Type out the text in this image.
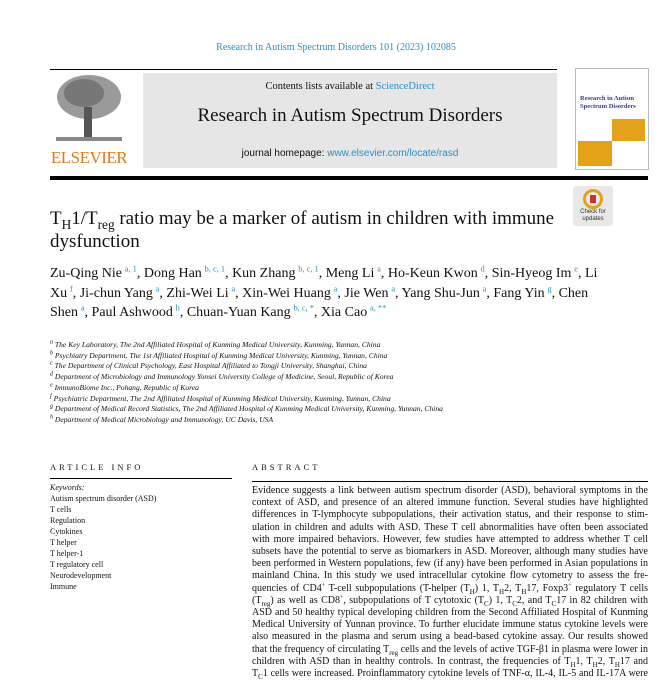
Research in Autism Spectrum Disorders 101 (2023) 102085
ELSEVIER
Contents lists available at ScienceDirect
Research in Autism Spectrum Disorders
journal homepage: www.elsevier.com/locate/rasd
Research in Autism Spectrum Disorders
Check for updates
$T_H1/T_{reg}$ ratio may be a marker of autism in children with immune dysfunction
Zu-Qing Nie  $^{a, 1}$, Dong Han  $^{b, c, 1}$, Kun Zhang  $^{b, c, 1}$, Meng Li  $^a$, Ho-Keun Kwon  $^d$, Sin-Hyeog Im  $^e$, Li Xu  $^f$, Ji-chun Yang  $^a$, Zhi-Wei Li  $^a$, Xin-Wei Huang  $^a$, Jie Wen  $^a$, Yang Shu-Jun  $^a$, Fang Yin  $^g$, Chen Shen  $^a$, Paul Ashwood  $^h$, Chuan-Yuan Kang  $^{b, c, *}$, Xia Cao  $^{a, **}$
$^a$ The Key Laboratory, The 2nd Affiliated Hospital of Kunming Medical University, Kunming, Yunnan, China
$^b$ Psychiatry Department, The 1st Affiliated Hospital of Kunming Medical University, Kunming, Yunnan, China
$^c$ The Department of Clinical Psychology, East Hospital Affiliated to Tongji University, Shanghai, China
$^d$ Department of Microbiology and Immunology Yonsei University College of Medicine, Seoul, Republic of Korea
$^e$ ImmunoBiome Inc., Pohang, Republic of Korea
$^f$ Psychiatric Department, The 2nd Affiliated Hospital of Kunming Medical University, Kunming, Yunnan, China
$^g$ Department of Medical Record Statistics, The 2nd Affiliated Hospital of Kunming Medical University, Kunming, Yunnan, China
$^h$ Department of Medical Microbiology and Immunology, UC Davis, USA
ARTICLE INFO
Keywords:
Autism spectrum disorder (ASD)
T cells
Regulation
Cytokines
T helper
T helper-1
T regulatory cell
Neurodevelopment
Immune
ABSTRACT
Evidence suggests a link between autism spectrum disorder (ASD), behavioral symptoms in the
context of ASD, and presence of an altered immune function. Several studies have highlighted
differences in T-lymphocyte subpopulations, their activation status, and their response to stim-
ulation in children and adults with ASD. These T cell abnormalities have often been associated
with more impaired behaviors. However, few studies have attempted to address whether T cell
subsets have the potential to serve as biomarkers in ASD. Moreover, although many studies have
been performed in Western populations, few (if any) have been performed in Asian populations in
mainland China. In this study we used intracellular cytokine flow cytometry to assess the fre-
quencies of CD4+ T-cell subpopulations (T-helper $(T_H)$ 1, $T_H2$, $T_H17$, Foxp3+ regulatory T cells
$(T_{reg})$ as well as CD8+, subpopulations of T cytotoxic $(T_C)$ 1, $T_C2$, and $T_C17$ in 82 children with
ASD and 50 healthy typical developing children from the Second Affiliated Hospital of Kunming
Medical University of Yunnan province. To further elucidate immune status cytokine levels were
also measured in the plasma and serum using a bead-based cytokine assay. Our results showed
that the frequency of circulating $T_{reg}$ cells and the levels of active TGF-β1 in plasma were lower in
children with ASD than in healthy controls. In contrast, the frequencies of $T_H1$, $T_H2$, $T_H17$ and
$T_C1$ cells were increased. Proinflammatory cytokine levels of TNF-α, IL-4, IL-5 and IL-17A were
